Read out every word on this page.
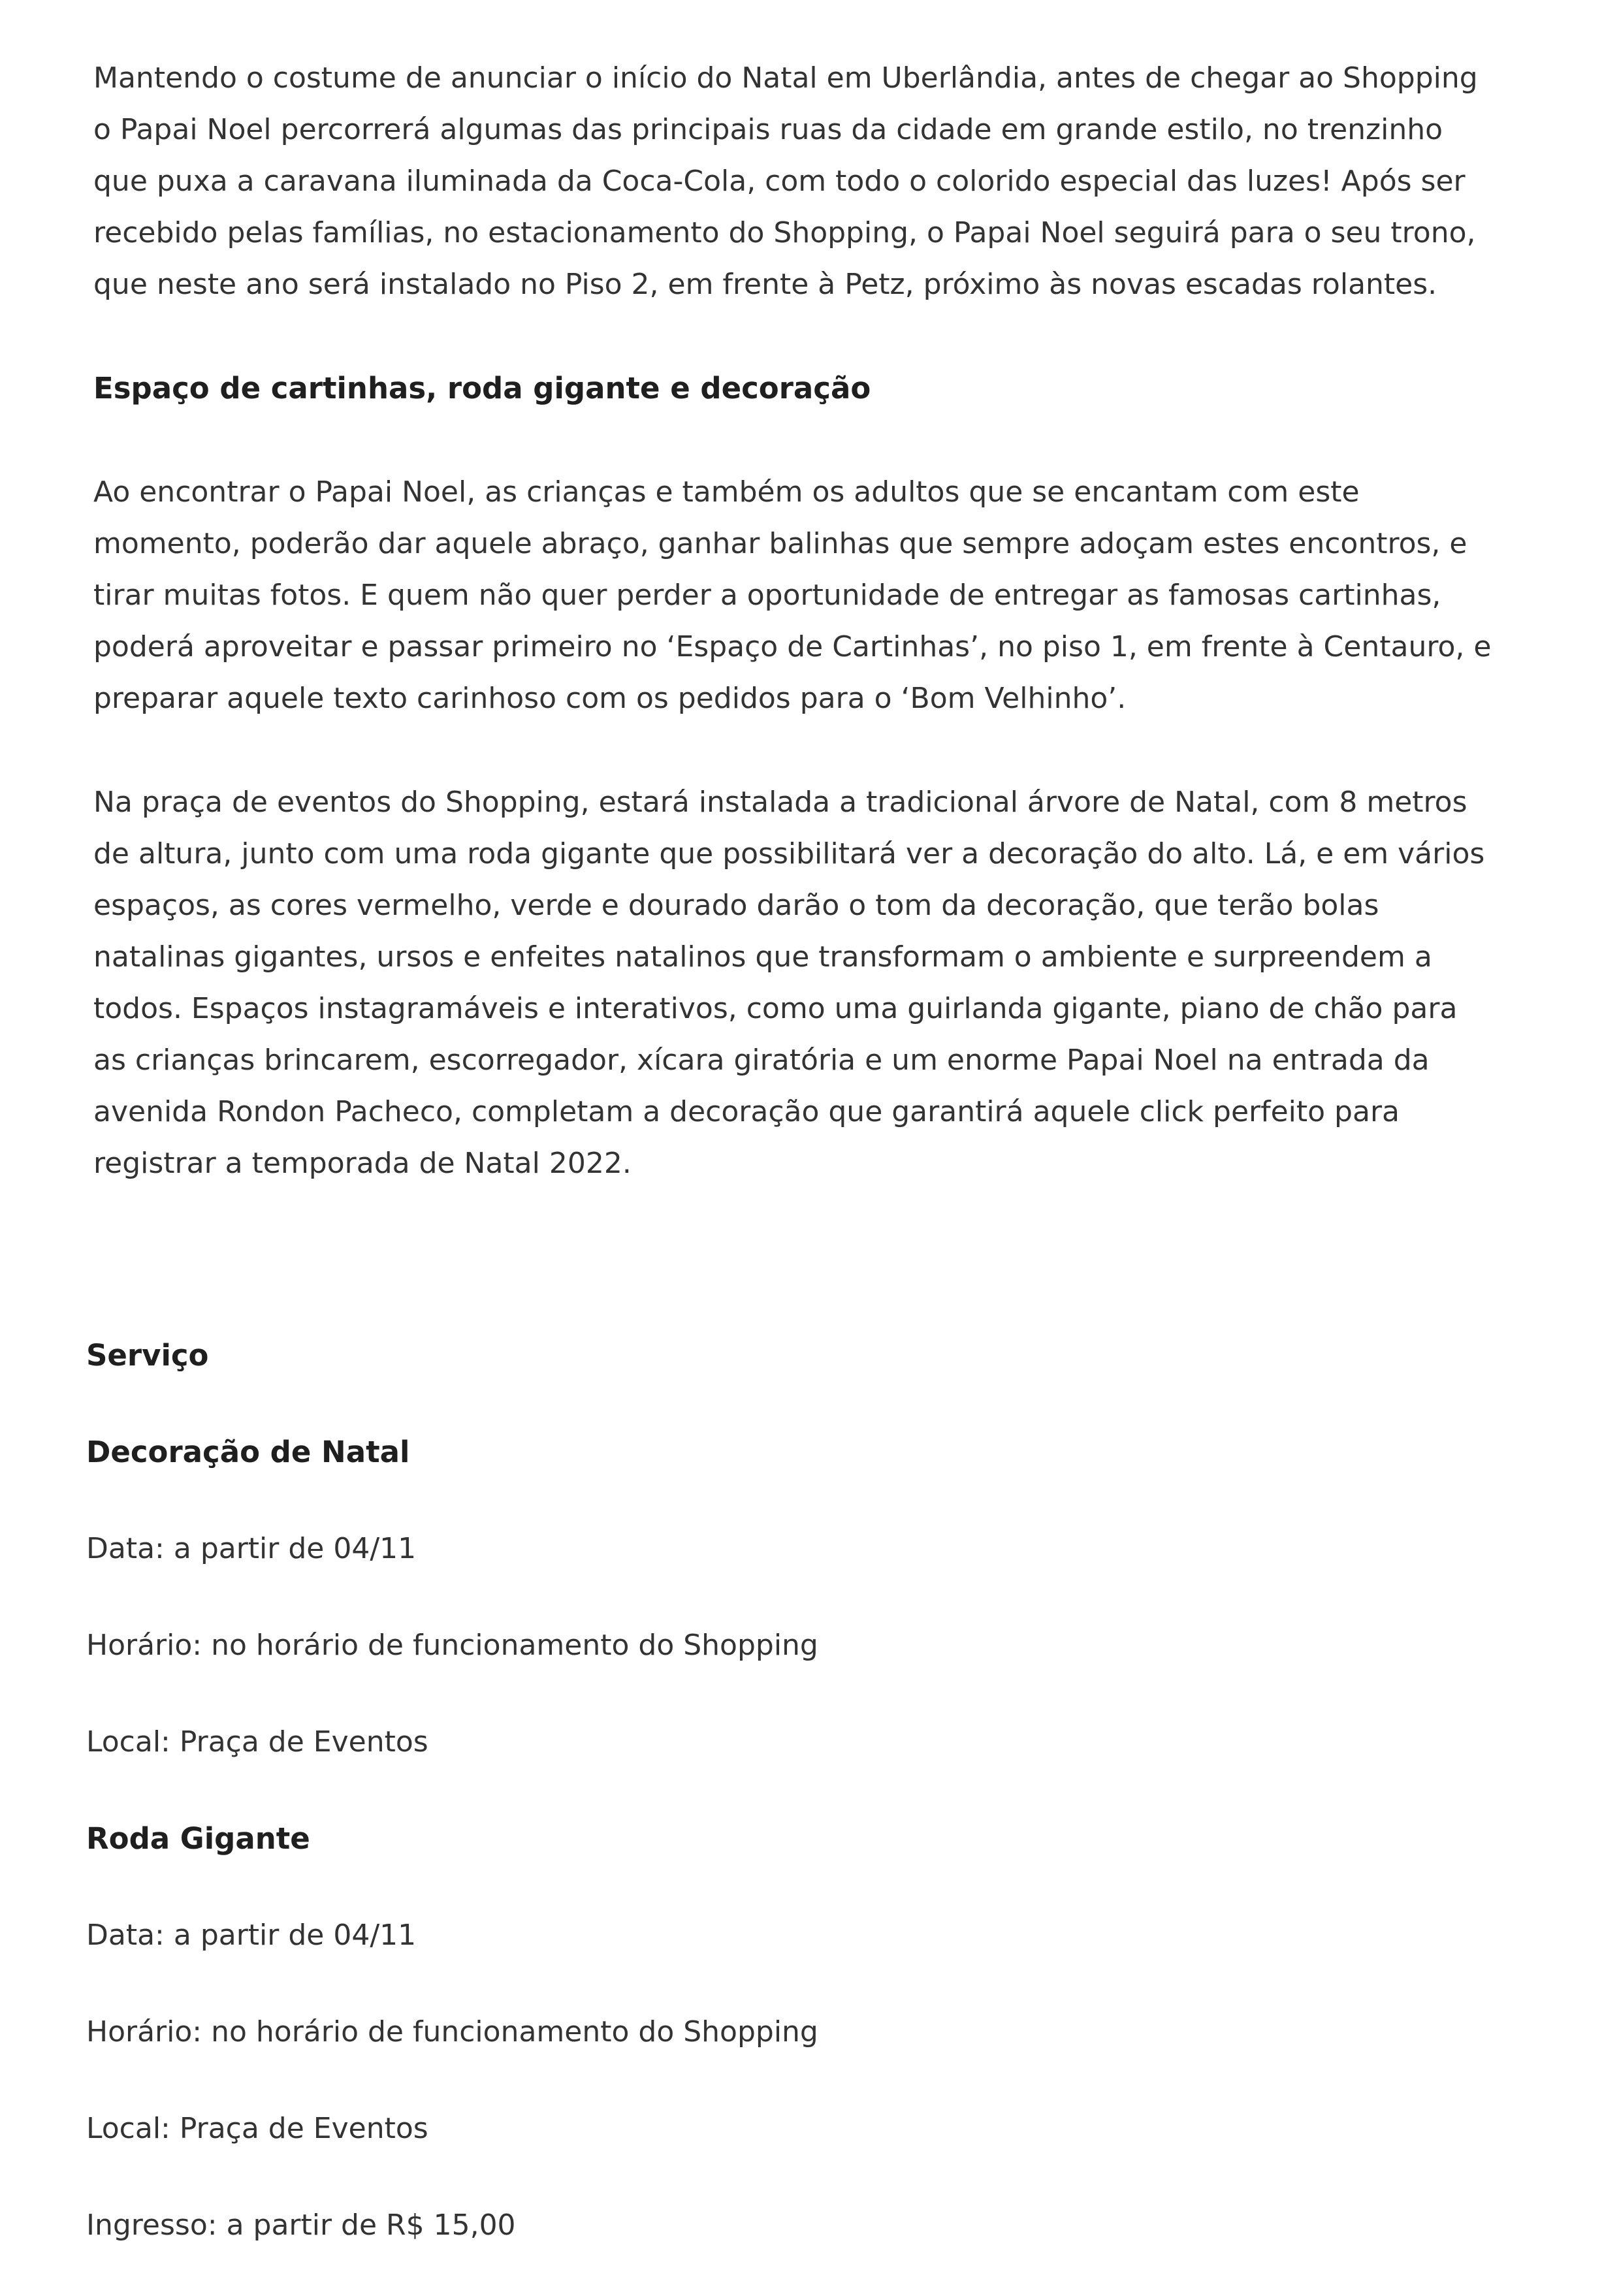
Mantendo o costume de anunciar o início do Natal em Uberlândia, antes de chegar ao Shopping o Papai Noel percorrerá algumas das principais ruas da cidade em grande estilo, no trenzinho que puxa a caravana iluminada da Coca-Cola, com todo o colorido especial das luzes! Após ser recebido pelas famílias, no estacionamento do Shopping, o Papai Noel seguirá para o seu trono, que neste ano será instalado no Piso 2, em frente à Petz, próximo às novas escadas rolantes.

Espaço de cartinhas, roda gigante e decoração

Ao encontrar o Papai Noel, as crianças e também os adultos que se encantam com este momento, poderão dar aquele abraço, ganhar balinhas que sempre adoçam estes encontros, e tirar muitas fotos. E quem não quer perder a oportunidade de entregar as famosas cartinhas, poderá aproveitar e passar primeiro no ‘Espaço de Cartinhas’, no piso 1, em frente à Centauro, e preparar aquele texto carinhoso com os pedidos para o ‘Bom Velhinho’.

Na praça de eventos do Shopping, estará instalada a tradicional árvore de Natal, com 8 metros de altura, junto com uma roda gigante que possibilitará ver a decoração do alto. Lá, e em vários espaços, as cores vermelho, verde e dourado darão o tom da decoração, que terão bolas natalinas gigantes, ursos e enfeites natalinos que transformam o ambiente e surpreendem a todos. Espaços instagramáveis e interativos, como uma guirlanda gigante, piano de chão para as crianças brincarem, escorregador, xícara giratória e um enorme Papai Noel na entrada da avenida Rondon Pacheco, completam a decoração que garantirá aquele click perfeito para registrar a temporada de Natal 2022.

Serviço
Decoração de Natal

Data: a partir de 04/11

Horário: no horário de funcionamento do Shopping

Local: Praça de Eventos

Roda Gigante

Data: a partir de 04/11

Horário: no horário de funcionamento do Shopping

Local: Praça de Eventos

Ingresso: a partir de R$ 15,00
